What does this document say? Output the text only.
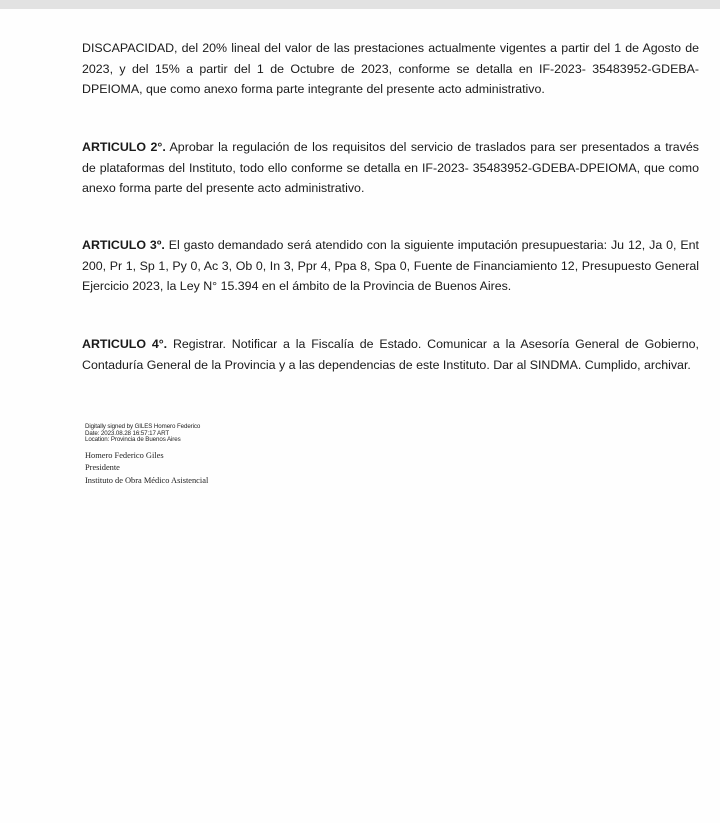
DISCAPACIDAD, del 20% lineal del valor de las prestaciones actualmente vigentes a partir del 1 de Agosto de 2023, y del 15% a partir del 1 de Octubre de 2023, conforme se detalla en IF-2023- 35483952-GDEBA-DPEIOMA, que como anexo forma parte integrante del presente acto administrativo.

ARTICULO 2°. Aprobar la regulación de los requisitos del servicio de traslados para ser presentados a través de plataformas del Instituto, todo ello conforme se detalla en IF-2023- 35483952-GDEBA-DPEIOMA, que como anexo forma parte del presente acto administrativo.

ARTICULO 3º. El gasto demandado será atendido con la siguiente imputación presupuestaria: Ju 12, Ja 0, Ent 200, Pr 1, Sp 1, Py 0, Ac 3, Ob 0, In 3, Ppr 4, Ppa 8, Spa 0, Fuente de Financiamiento 12, Presupuesto General Ejercicio 2023, la Ley N° 15.394 en el ámbito de la Provincia de Buenos Aires.

ARTICULO 4°. Registrar. Notificar a la Fiscalía de Estado. Comunicar a la Asesoría General de Gobierno, Contaduría General de la Provincia y a las dependencias de este Instituto. Dar al SINDMA. Cumplido, archivar.

Digitally signed by GILES Homero Federico
Date: 2023.08.28 16:57:17 ART
Location: Provincia de Buenos Aires
Homero Federico Giles
Presidente
Instituto de Obra Médico Asistencial
